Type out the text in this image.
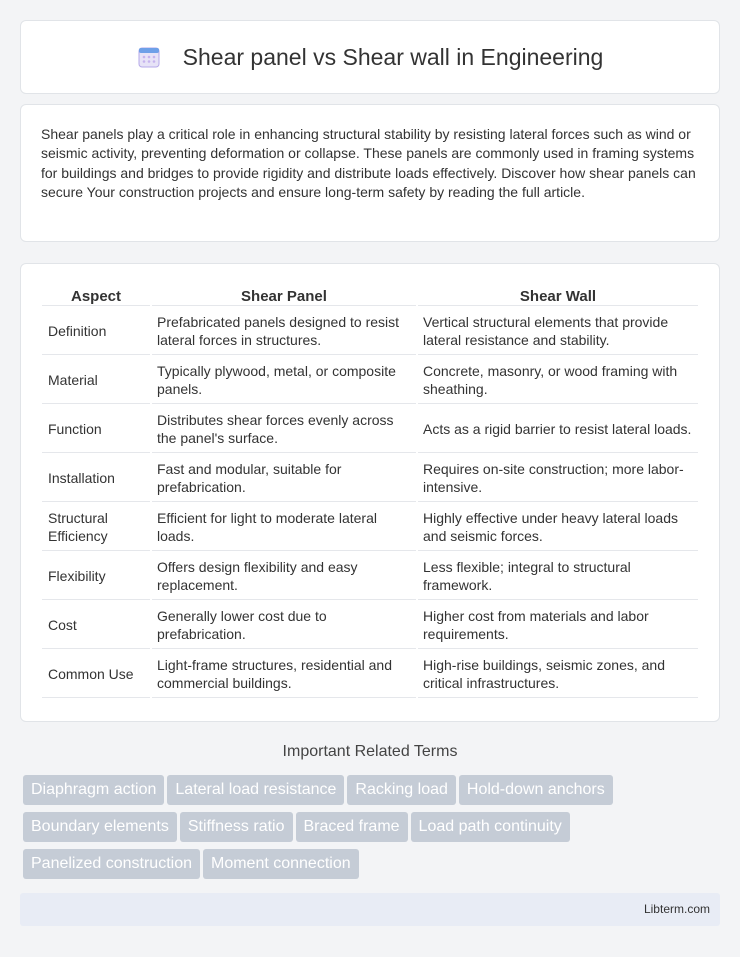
Shear panel vs Shear wall in Engineering

Shear panels play a critical role in enhancing structural stability by resisting lateral forces such as wind or seismic activity, preventing deformation or collapse. These panels are commonly used in framing systems for buildings and bridges to provide rigidity and distribute loads effectively. Discover how shear panels can secure Your construction projects and ensure long-term safety by reading the full article.

Aspect	Shear Panel	Shear Wall
Definition	Prefabricated panels designed to resist lateral forces in structures.	Vertical structural elements that provide lateral resistance and stability.
Material	Typically plywood, metal, or composite panels.	Concrete, masonry, or wood framing with sheathing.
Function	Distributes shear forces evenly across the panel's surface.	Acts as a rigid barrier to resist lateral loads.
Installation	Fast and modular, suitable for prefabrication.	Requires on-site construction; more labor-intensive.
Structural Efficiency	Efficient for light to moderate lateral loads.	Highly effective under heavy lateral loads and seismic forces.
Flexibility	Offers design flexibility and easy replacement.	Less flexible; integral to structural framework.
Cost	Generally lower cost due to prefabrication.	Higher cost from materials and labor requirements.
Common Use	Light-frame structures, residential and commercial buildings.	High-rise buildings, seismic zones, and critical infrastructures.
Important Related Terms
Diaphragm action Lateral load resistance Racking load Hold-down anchorsBoundary elements Stiffness ratio Braced frame Load path continuityPanelized construction Moment connection
Libterm.com
